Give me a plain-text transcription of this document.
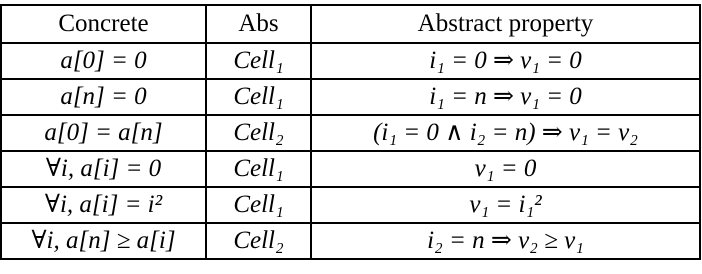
Concrete	Abs	Abstract property
a[0] = 0	Cell₁	i₁ = 0 ⇒ v₁ = 0
a[n] = 0	Cell₁	i₁ = n ⇒ v₁ = 0
a[0] = a[n]	Cell₂	(i₁ = 0 ∧ i₂ = n) ⇒ v₁ = v₂
∀i, a[i] = 0	Cell₁	v₁ = 0
∀i, a[i] = i²	Cell₁	v₁ = i₁²
∀i, a[n] ≥ a[i]	Cell₂	i₂ = n ⇒ v₂ ≥ v₁
